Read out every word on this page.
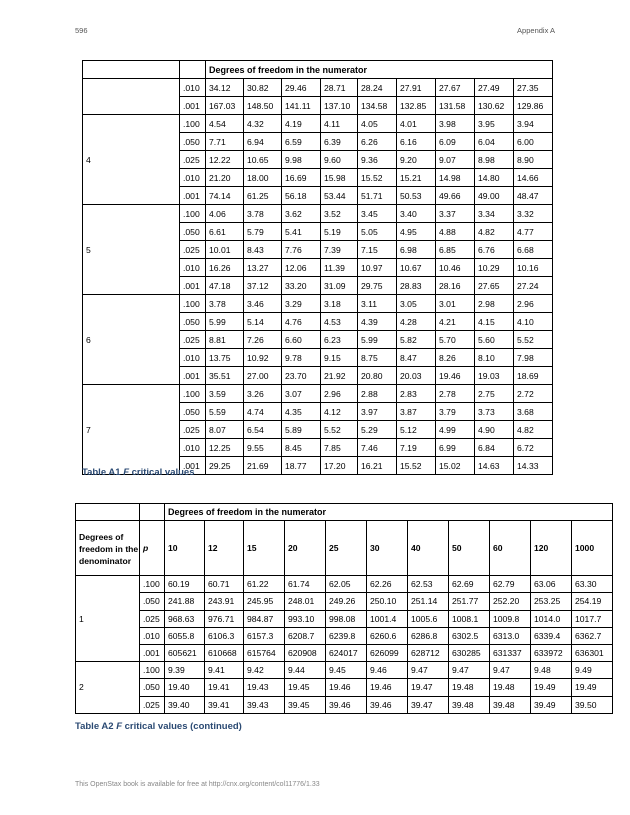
596	Appendix A
		Degrees of freedom in the numerator								
	.010	34.12	30.82	29.46	28.71	28.24	27.91	27.67	27.49	27.35
	.001	167.03	148.50	141.11	137.10	134.58	132.85	131.58	130.62	129.86
4	.100	4.54	4.32	4.19	4.11	4.05	4.01	3.98	3.95	3.94
	.050	7.71	6.94	6.59	6.39	6.26	6.16	6.09	6.04	6.00
	.025	12.22	10.65	9.98	9.60	9.36	9.20	9.07	8.98	8.90
	.010	21.20	18.00	16.69	15.98	15.52	15.21	14.98	14.80	14.66
	.001	74.14	61.25	56.18	53.44	51.71	50.53	49.66	49.00	48.47
5	.100	4.06	3.78	3.62	3.52	3.45	3.40	3.37	3.34	3.32
	.050	6.61	5.79	5.41	5.19	5.05	4.95	4.88	4.82	4.77
	.025	10.01	8.43	7.76	7.39	7.15	6.98	6.85	6.76	6.68
	.010	16.26	13.27	12.06	11.39	10.97	10.67	10.46	10.29	10.16
	.001	47.18	37.12	33.20	31.09	29.75	28.83	28.16	27.65	27.24
6	.100	3.78	3.46	3.29	3.18	3.11	3.05	3.01	2.98	2.96
	.050	5.99	5.14	4.76	4.53	4.39	4.28	4.21	4.15	4.10
	.025	8.81	7.26	6.60	6.23	5.99	5.82	5.70	5.60	5.52
	.010	13.75	10.92	9.78	9.15	8.75	8.47	8.26	8.10	7.98
	.001	35.51	27.00	23.70	21.92	20.80	20.03	19.46	19.03	18.69
7	.100	3.59	3.26	3.07	2.96	2.88	2.83	2.78	2.75	2.72
	.050	5.59	4.74	4.35	4.12	3.97	3.87	3.79	3.73	3.68
	.025	8.07	6.54	5.89	5.52	5.29	5.12	4.99	4.90	4.82
	.010	12.25	9.55	8.45	7.85	7.46	7.19	6.99	6.84	6.72
	.001	29.25	21.69	18.77	17.20	16.21	15.52	15.02	14.63	14.33
Table A1 F critical values
		Degrees of freedom in the numerator										
Degrees of freedom in the denominator	p	10	12	15	20	25	30	40	50	60	120	1000
1	.100	60.19	60.71	61.22	61.74	62.05	62.26	62.53	62.69	62.79	63.06	63.30
	.050	241.88	243.91	245.95	248.01	249.26	250.10	251.14	251.77	252.20	253.25	254.19
	.025	968.63	976.71	984.87	993.10	998.08	1001.4	1005.6	1008.1	1009.8	1014.0	1017.7
	.010	6055.8	6106.3	6157.3	6208.7	6239.8	6260.6	6286.8	6302.5	6313.0	6339.4	6362.7
	.001	605621	610668	615764	620908	624017	626099	628712	630285	631337	633972	636301
2	.100	9.39	9.41	9.42	9.44	9.45	9.46	9.47	9.47	9.47	9.48	9.49
	.050	19.40	19.41	19.43	19.45	19.46	19.46	19.47	19.48	19.48	19.49	19.49
	.025	39.40	39.41	39.43	39.45	39.46	39.46	39.47	39.48	39.48	39.49	39.50
Table A2 F critical values (continued)
This OpenStax book is available for free at http://cnx.org/content/col11776/1.33
